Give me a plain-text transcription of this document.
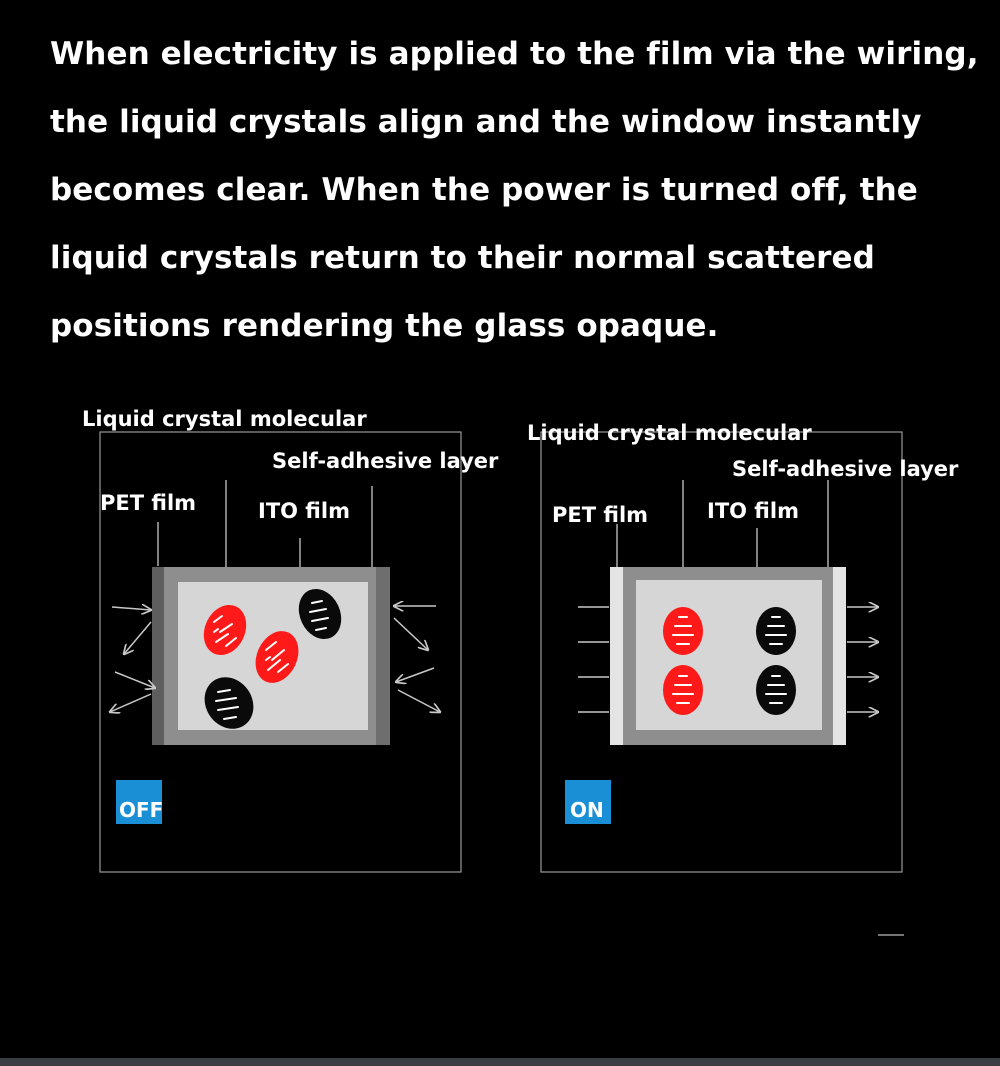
When electricity is applied to the film via the wiring,
the liquid crystals align and the window instantly
becomes clear. When the power is turned off, the
liquid crystals return to their normal scattered
positions rendering the glass opaque.
Liquid crystal molecular
Self-adhesive layer
PET film	ITO film
OFF
Liquid crystal molecular
Self-adhesive layer
PET film	ITO film
ON
